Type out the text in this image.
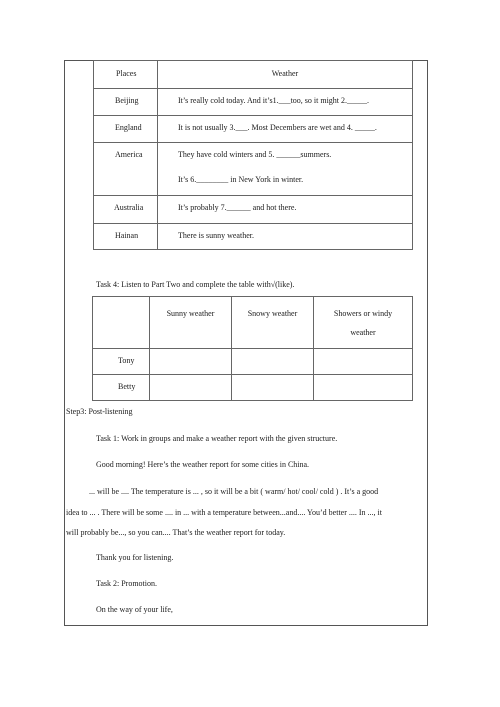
Places	Weather

Beijing	It’s really cold today. And it’s1.___too, so it might 2._____.

England	It is not usually 3.___. Most Decembers are wet and 4. _____.

America	They have cold winters and 5. ______summers.
It’s 6.________ in New York in winter.

Australia	It’s probably 7.______ and hot there.

Hainan	There is sunny weather.
Task 4: Listen to Part Two and complete the table with√(like).

	Sunny weather	Snowy weather	Showers or windy
weather

Tony			

Betty			

Step3: Post-listening
Task 1: Work in groups and make a weather report with the given structure.
Good morning! Here’s the weather report for some cities in China.
... will be .... The temperature is ... , so it will be a bit ( warm/ hot/ cool/ cold ) . It’s a good
idea to ... . There will be some .... in ... with a temperature between...and.... You’d better .... In ..., it
will probably be..., so you can.... That’s the weather report for today.
Thank you for listening.
Task 2: Promotion.
On the way of your life,
